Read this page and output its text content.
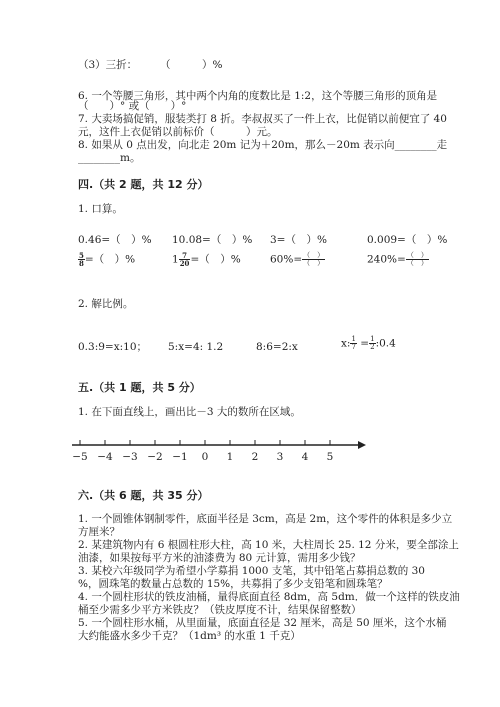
（3）三折： （　　　）%
6. 一个等腰三角形，其中两个内角的度数比是 1:2，这个等腰三角形的顶角是
（　　）° 或（　　）°
7. 大卖场搞促销，服装类打 8 折。李叔叔买了一件上衣，比促销以前便宜了 40
元，这件上衣促销以前标价（　　　）元。
8. 如果从 0 点出发，向北走 20m 记为＋20m，那么－20m 表示向________走
________m。
四.（共 2 题，共 12 分）
1. 口算。
0.46=（　）% 10.08=（　）% 3=（　）%	0.009=（　）%
$\frac{5}{8}$ =（　）%	$1 \frac{7}{20}$ =（　）%	$60\%= \frac{( )}{( )}$	$240\%= \frac{( )}{( )}$
2. 解比例。
0.3:9=x:10； 5:x=4: 1.2	8:6=2:x	x: $\frac{1}{7} = \frac{1}{2}$ :0.4
五.（共 1 题，共 5 分）
1. 在下面直线上，画出比－3 大的数所在区域。
−5 −4 −3 −2 −1 0 1 2 3 4 5
六.（共 6 题，共 35 分）
1. 一个圆锥体钢制零件，底面半径是 3cm，高是 2m，这个零件的体积是多少立
方厘米？
2. 某建筑物内有 6 根圆柱形大柱，高 10 米，大柱周长 25. 12 分米，要全部涂上
油漆，如果按每平方米的油漆费为 80 元计算，需用多少钱？
3. 某校六年级同学为希望小学募捐 1000 支笔，其中铅笔占募捐总数的 30
%，圆珠笔的数量占总数的 15%，共募捐了多少支铅笔和圆珠笔？
4. 一个圆柱形状的铁皮油桶，量得底面直径 8dm，高 5dm．做一个这样的铁皮油
桶至少需多少平方米铁皮？（铁皮厚度不计，结果保留整数）
5. 一个圆柱形水桶，从里面量，底面直径是 32 厘米，高是 50 厘米，这个水桶
大约能盛水多少千克？（1dm³ 的水重 1 千克）
